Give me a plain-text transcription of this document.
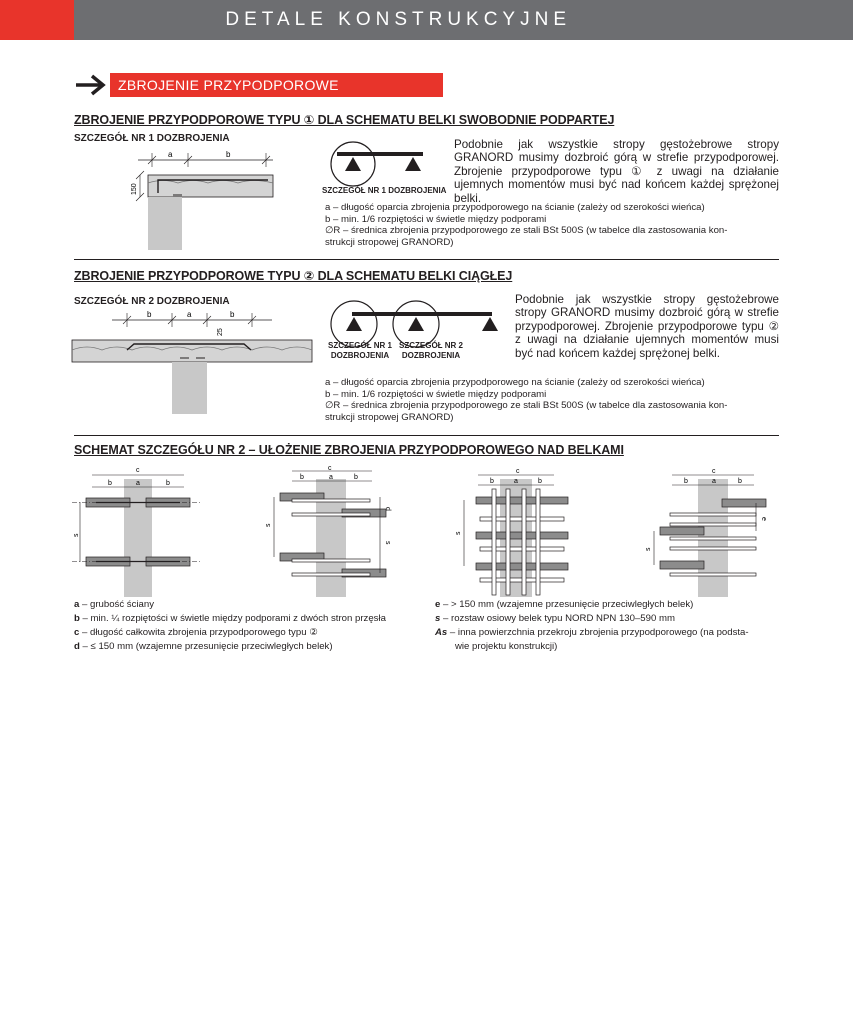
DETALE KONSTRUKCYJNE
ZBROJENIE PRZYPODPOROWE
ZBROJENIE PRZYPODPOROWE TYPU ① DLA SCHEMATU BELKI SWOBODNIE PODPARTEJ
SZCZEGÓŁ NR 1 DOZBROJENIA
a	b
150	SZCZEGÓŁ NR 1 DOZBROJENIA
Podobnie jak wszystkie stropy gęstożebrowe stropy GRANORD musimy dozbroić górą w strefie przypodporowej. Zbrojenie przypodporowe typu ① z uwagi na działanie ujemnych momentów musi być nad końcem każdej sprężonej belki.
a – długość oparcia zbrojenia przypodporowego na ścianie (zależy od szerokości wieńca)
b – min. 1/6 rozpiętości w świetle między podporami
∅R – średnica zbrojenia przypodporowego ze stali BSt 500S (w tabelce dla zastosowania kon-
strukcji stropowej GRANORD)
ZBROJENIE PRZYPODPOROWE TYPU ② DLA SCHEMATU BELKI CIĄGŁEJ
SZCZEGÓŁ NR 2 DOZBROJENIA
b	a	b
25
SZCZEGÓŁ NR 1
DOZBROJENIA
SZCZEGÓŁ NR 2
DOZBROJENIA
Podobnie jak wszystkie stropy gęstożebrowe stropy GRANORD musimy dozbroić górą w strefie przypodporowej. Zbrojenie przypodporowe typu ② z uwagi na działanie ujemnych momentów musi być nad końcem każdej sprężonej belki.
a – długość oparcia zbrojenia przypodporowego na ścianie (zależy od szerokości wieńca)
b – min. 1/6 rozpiętości w świetle między podporami
∅R – średnica zbrojenia przypodporowego ze stali BSt 500S (w tabelce dla zastosowania kon-
strukcji stropowej GRANORD)
SCHEMAT SZCZEGÓŁU NR 2 – UŁOŻENIE ZBROJENIA PRZYPODPOROWEGO NAD BELKAMI
c
b	a	b
s
c
b	a	b
s
d
s
c
b	a	b
s
c
b	a	b
e
s
a – grubość ściany
b – min. ¼ rozpiętości w świetle między podporami z dwóch stron przęsła
c – długość całkowita zbrojenia przypodporowego typu ②
d – ≤ 150 mm (wzajemne przesunięcie przeciwległych belek)
e – > 150 mm (wzajemne przesunięcie przeciwległych belek)
s – rozstaw osiowy belek typu NORD NPN 130–590 mm
As – inna powierzchnia przekroju zbrojenia przypodporowego (na podsta-
wie projektu konstrukcji)
